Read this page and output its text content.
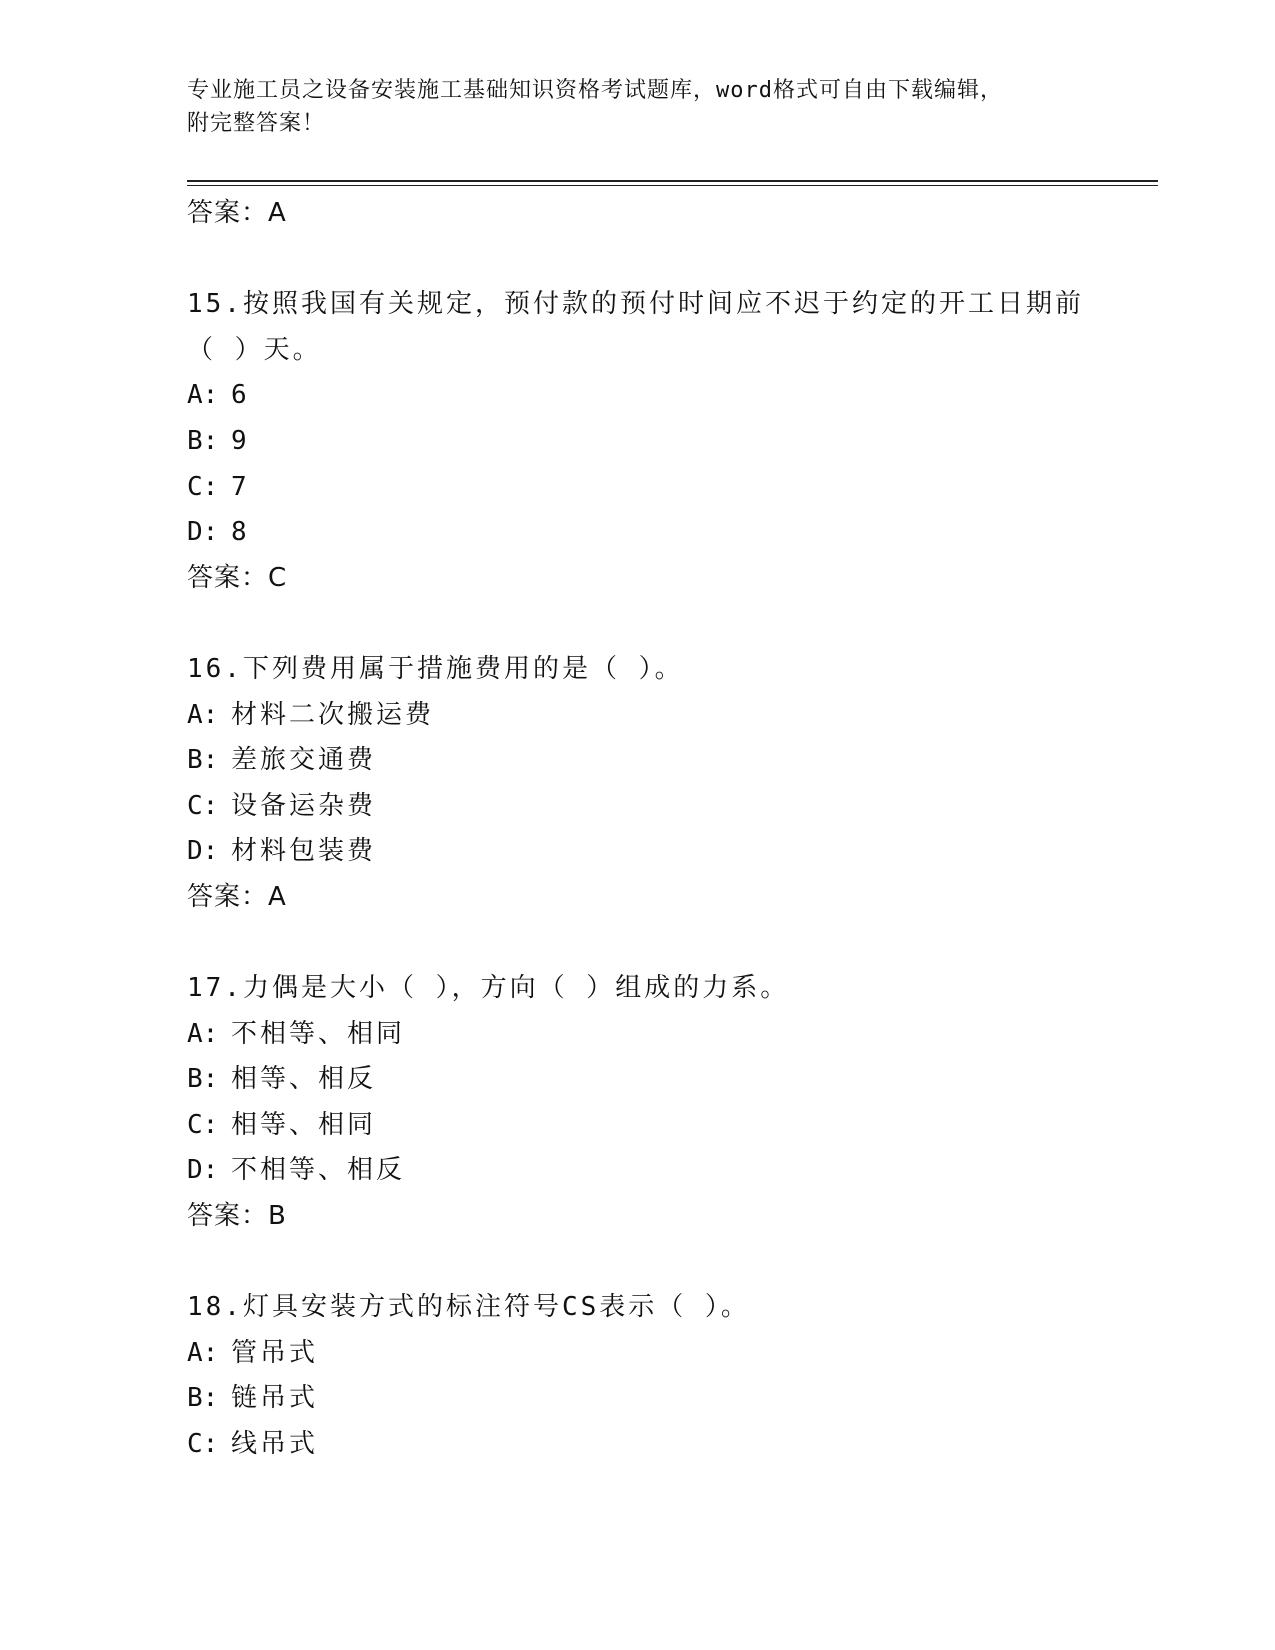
专业施工员之设备安装施工基础知识资格考试题库，word格式可自由下载编辑，
附完整答案！
答案：A
15.按照我国有关规定，预付款的预付时间应不迟于约定的开工日期前
（ ）天。
A: 6
B: 9
C: 7
D: 8
答案：C
16.下列费用属于措施费用的是（ ）。
A: 材料二次搬运费
B: 差旅交通费
C: 设备运杂费
D: 材料包装费
答案：A
17.力偶是大小（ ），方向（ ）组成的力系。
A: 不相等、相同
B: 相等、相反
C: 相等、相同
D: 不相等、相反
答案：B
18.灯具安装方式的标注符号CS表示（ ）。
A: 管吊式
B: 链吊式
C: 线吊式
